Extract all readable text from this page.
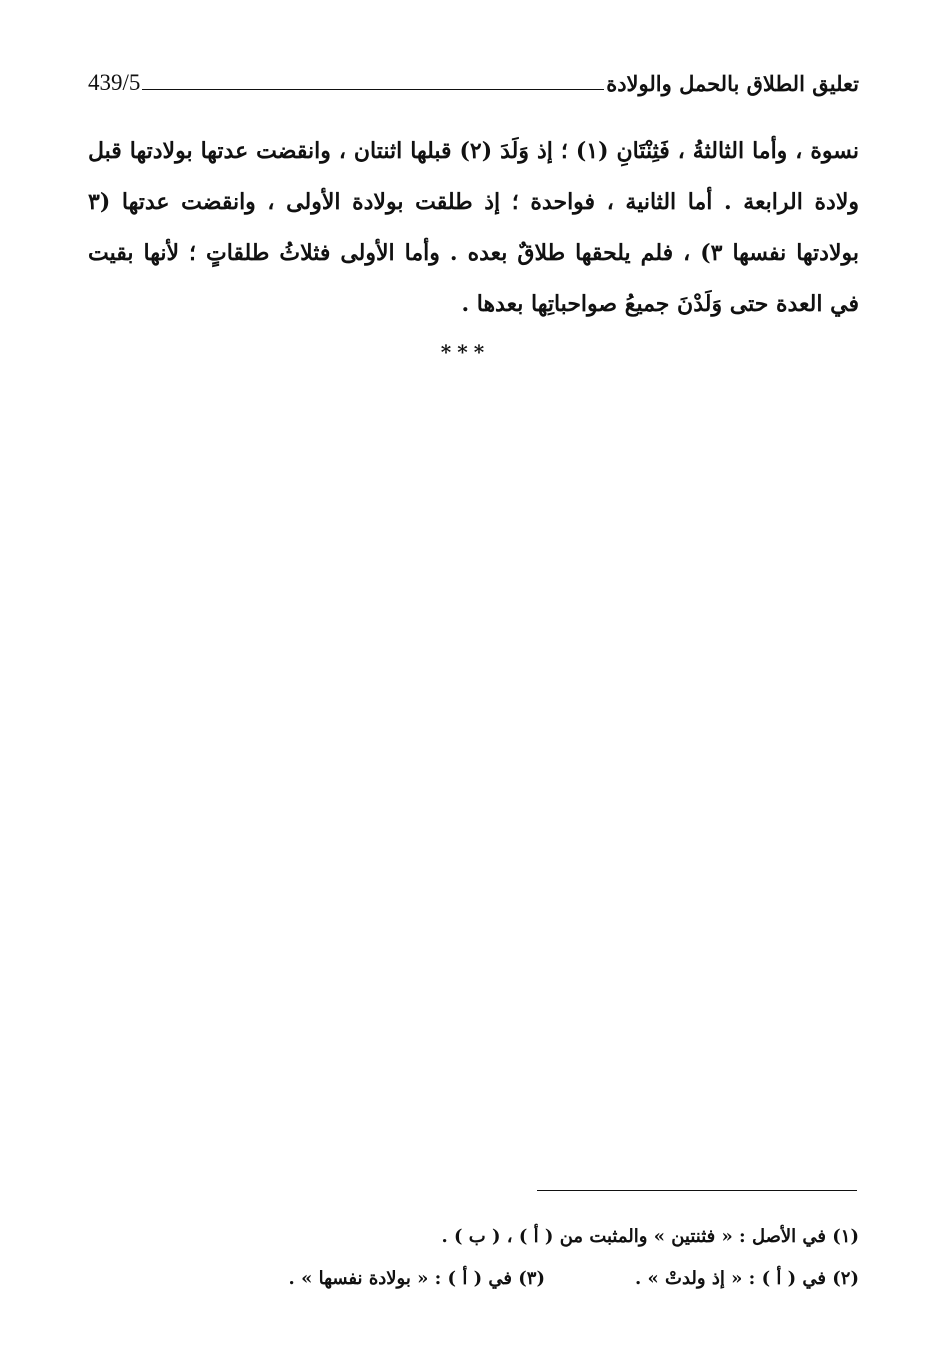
تعليق الطلاق بالحمل والولادة
439/5

نسوة ، وأما الثالثةُ ، فَثِنْتَانِ (١) ؛ إذ وَلَدَ (٢) قبلها اثنتان ، وانقضت عدتها بولادتها قبل ولادة الرابعة . أما الثانية ، فواحدة ؛ إذ طلقت بولادة الأولى ، وانقضت عدتها (٣ بولادتها نفسها ٣) ، فلم يلحقها طلاقٌ بعده . وأما الأولى فثلاثُ طلقاتٍ ؛ لأنها بقيت في العدة حتى وَلَدْنَ جميعُ صواحباتِها بعدها .

***
(١) في الأصل : « فثنتين » والمثبت من ( أ ) ، ( ب ) .
(٢) في ( أ ) : « إذ ولدتْ » .
(٣) في ( أ ) : « بولادة نفسها » .
